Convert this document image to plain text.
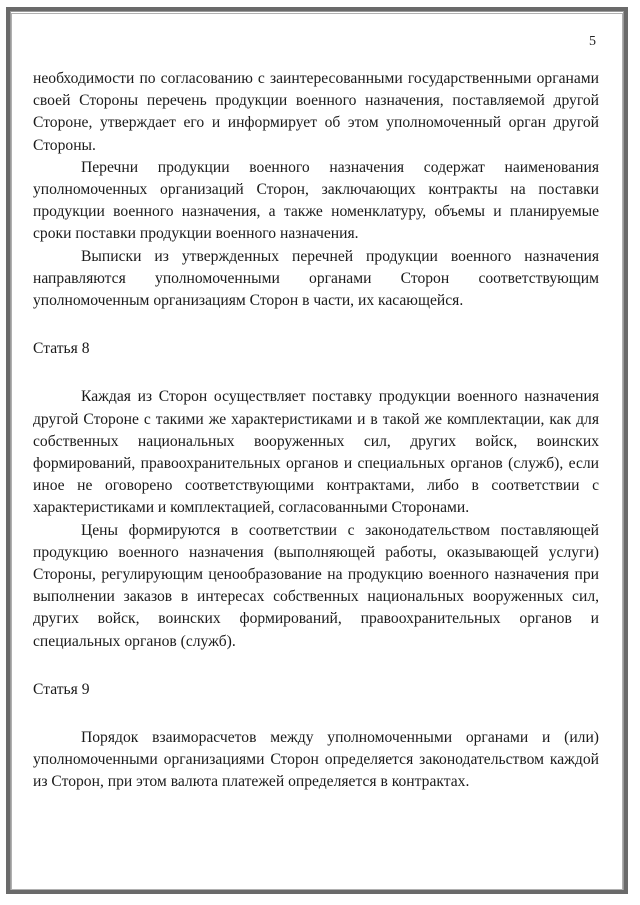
5

необходимости по согласованию с заинтересованными государственными органами своей Стороны перечень продукции военного назначения, поставляемой другой Стороне, утверждает его и информирует об этом уполномоченный орган другой Стороны.

Перечни продукции военного назначения содержат наименования уполномоченных организаций Сторон, заключающих контракты на поставки продукции военного назначения, а также номенклатуру, объемы и планируемые сроки поставки продукции военного назначения.

Выписки из утвержденных перечней продукции военного назначения направляются уполномоченными органами Сторон соответствующим уполномоченным организациям Сторон в части, их касающейся.

Статья 8

Каждая из Сторон осуществляет поставку продукции военного назначения другой Стороне с такими же характеристиками и в такой же комплектации, как для собственных национальных вооруженных сил, других войск, воинских формирований, правоохранительных органов и специальных органов (служб), если иное не оговорено соответствующими контрактами, либо в соответствии с характеристиками и комплектацией, согласованными Сторонами.

Цены формируются в соответствии с законодательством поставляющей продукцию военного назначения (выполняющей работы, оказывающей услуги) Стороны, регулирующим ценообразование на продукцию военного назначения при выполнении заказов в интересах собственных национальных вооруженных сил, других войск, воинских формирований, правоохранительных органов и специальных органов (служб).

Статья 9

Порядок взаиморасчетов между уполномоченными органами и (или) уполномоченными организациями Сторон определяется законодательством каждой из Сторон, при этом валюта платежей определяется в контрактах.
